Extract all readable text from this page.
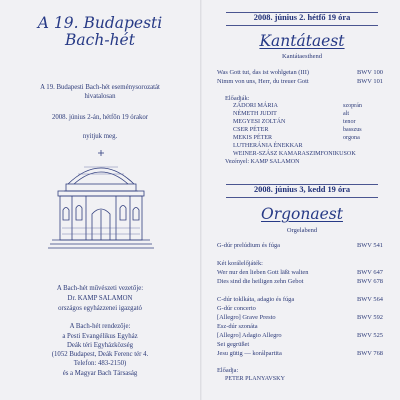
A 19. Budapesti
Bach-hét
A 19. Budapesti Bach-hét eseménysorozatát
hivatalosan
2008. június 2-án, hétfőn 19 órakor
nyitjuk meg.
A Bach-hét művészeti vezetője:
Dr. KAMP SALAMON
országos egyházzenei igazgató
A Bach-hét rendezője:
a Pesti Evangélikus Egyház
Deák téri Egyházközség
(1052 Budapest, Deák Ferenc tér 4.
Telefon: 483-2150)
és a Magyar Bach Társaság
2008. június 2. hétfő 19 óra
Kantátaest
Kantátaesthend
Was Gott tut, das ist wohlgetan (III)	BWV 100
Nimm von uns, Herr, du treuer Gott	BWV 101
Előadják:
ZÁDORI MÁRIA	szoprán
NÉMETH JUDIT	alt
MEGYESI ZOLTÁN	tenor
CSER PÉTER	basszus
MEKIS PÉTER	orgona
LUTHERÁNIA ÉNEKKAR
WEINER-SZÁSZ KAMARASZIMFONIKUSOK
Vezényel: KAMP SALAMON
2008. június 3, kedd 19 óra
Orgonaest
Orgelabend
G-dúr prelúdium és fúga	BWV 541
Két korálelőjáték:
Wer nur den lieben Gott läßt walten	BWV 647
Dies sind die heiligen zehn Gebot	BWV 678
C-dúr toklkáta, adagio és fúga	BWV 564
G-dúr concerto
[Allegro] Grave Presto	BWV 592
Esz-dúr szonáta
[Allegro] Adagio Allegro	BWV 525
Sei gegrüßet
Jesu gütig — korálpartita	BWV 768
Előadja:
PETER PLANYAVSKY
